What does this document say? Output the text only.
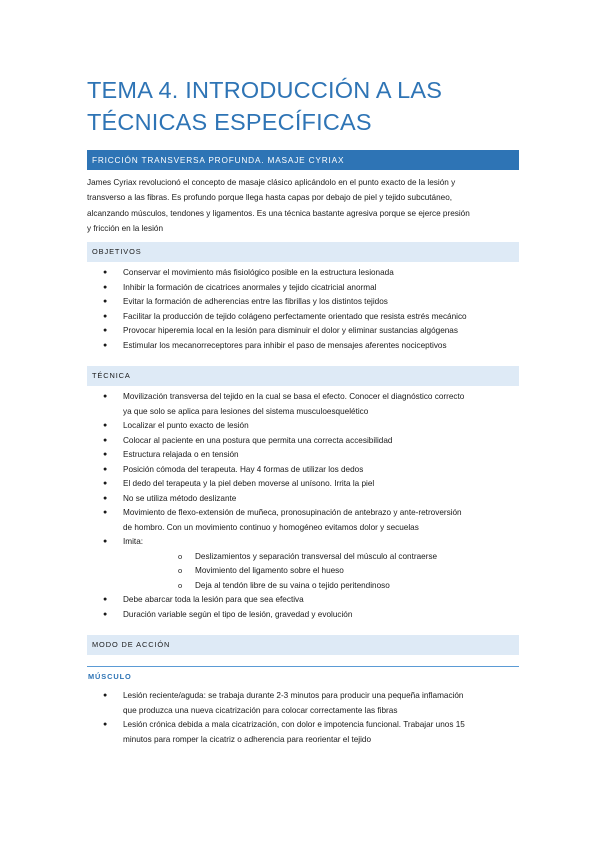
TEMA 4. INTRODUCCIÓN A LAS
TÉCNICAS ESPECÍFICAS
FRICCIÓN TRANSVERSA PROFUNDA. MASAJE CYRIAX
James Cyriax revolucionó el concepto de masaje clásico aplicándolo en el punto exacto de la lesión y
transverso a las fibras. Es profundo porque llega hasta capas por debajo de piel y tejido subcutáneo,
alcanzando músculos, tendones y ligamentos. Es una técnica bastante agresiva porque se ejerce presión
y fricción en la lesión
OBJETIVOS
● Conservar el movimiento más fisiológico posible en la estructura lesionada
● Inhibir la formación de cicatrices anormales y tejido cicatricial anormal
● Evitar la formación de adherencias entre las fibrillas y los distintos tejidos
● Facilitar la producción de tejido colágeno perfectamente orientado que resista estrés mecánico
● Provocar hiperemia local en la lesión para disminuir el dolor y eliminar sustancias algógenas
● Estimular los mecanorreceptores para inhibir el paso de mensajes aferentes nociceptivos
TÉCNICA
● Movilización transversa del tejido en la cual se basa el efecto. Conocer el diagnóstico correcto
ya que solo se aplica para lesiones del sistema musculoesquelético
● Localizar el punto exacto de lesión
● Colocar al paciente en una postura que permita una correcta accesibilidad
● Estructura relajada o en tensión
● Posición cómoda del terapeuta. Hay 4 formas de utilizar los dedos
● El dedo del terapeuta y la piel deben moverse al unísono. Irrita la piel
● No se utiliza método deslizante
● Movimiento de flexo-extensión de muñeca, pronosupinación de antebrazo y ante-retroversión
de hombro. Con un movimiento continuo y homogéneo evitamos dolor y secuelas
● Imita:
o Deslizamientos y separación transversal del músculo al contraerse
o Movimiento del ligamento sobre el hueso
o Deja al tendón libre de su vaina o tejido peritendinoso
● Debe abarcar toda la lesión para que sea efectiva
● Duración variable según el tipo de lesión, gravedad y evolución
MODO DE ACCIÓN
MÚSCULO
● Lesión reciente/aguda: se trabaja durante 2-3 minutos para producir una pequeña inflamación
que produzca una nueva cicatrización para colocar correctamente las fibras
● Lesión crónica debida a mala cicatrización, con dolor e impotencia funcional. Trabajar unos 15
minutos para romper la cicatriz o adherencia para reorientar el tejido
